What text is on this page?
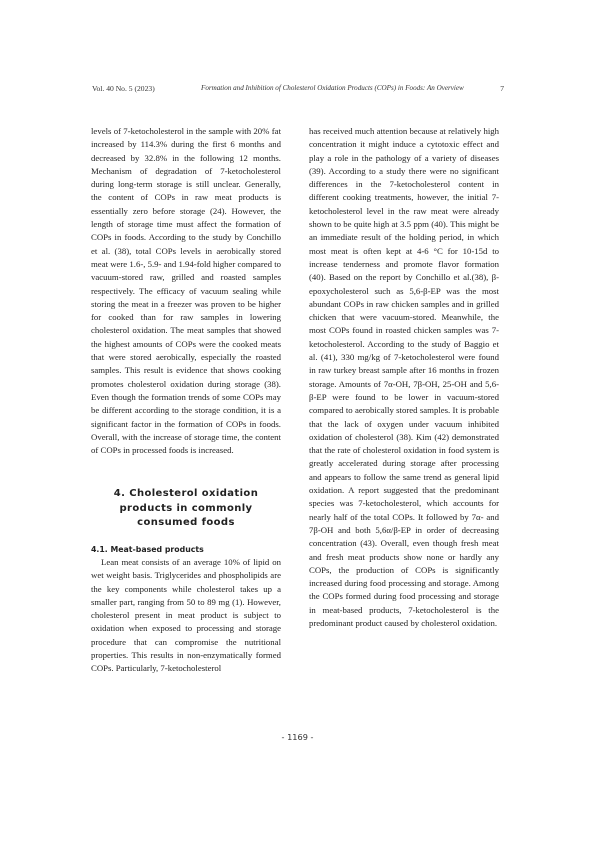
Vol. 40 No. 5 (2023)	Formation and Inhibition of Cholesterol Oxidation Products (COPs) in Foods: An Overview	7

levels of 7-ketocholesterol in the sample with 20% fat increased by 114.3% during the first 6 months and decreased by 32.8% in the following 12 months. Mechanism of degradation of 7-ketocholesterol during long-term storage is still unclear. Generally, the content of COPs in raw meat products is essentially zero before storage (24). However, the length of storage time must affect the formation of COPs in foods. According to the study by Conchillo et al. (38), total COPs levels in aerobically stored meat were 1.6-, 5.9- and 1.94-fold higher compared to vacuum-stored raw, grilled and roasted samples respectively. The efficacy of vacuum sealing while storing the meat in a freezer was proven to be higher for cooked than for raw samples in lowering cholesterol oxidation. The meat samples that showed the highest amounts of COPs were the cooked meats that were stored aerobically, especially the roasted samples. This result is evidence that shows cooking promotes cholesterol oxidation during storage (38). Even though the formation trends of some COPs may be different according to the storage condition, it is a significant factor in the formation of COPs in foods. Overall, with the increase of storage time, the content of COPs in processed foods is increased.

4. Cholesterol oxidation products in commonly consumed foods
4.1. Meat-based products

Lean meat consists of an average 10% of lipid on wet weight basis. Triglycerides and phospholipids are the key components while cholesterol takes up a smaller part, ranging from 50 to 89 mg (1). However, cholesterol present in meat product is subject to oxidation when exposed to processing and storage procedure that can compromise the nutritional properties. This results in non-enzymatically formed COPs. Particularly, 7-ketocholesterol

has received much attention because at relatively high concentration it might induce a cytotoxic effect and play a role in the pathology of a variety of diseases (39). According to a study there were no significant differences in the 7-ketocholesterol content in different cooking treatments, however, the initial 7-ketocholesterol level in the raw meat were already shown to be quite high at 3.5 ppm (40). This might be an immediate result of the holding period, in which most meat is often kept at 4-6 °C for 10-15d to increase tenderness and promote flavor formation (40). Based on the report by Conchillo et al.(38), β-epoxycholesterol such as 5,6-β-EP was the most abundant COPs in raw chicken samples and in grilled chicken that were vacuum-stored. Meanwhile, the most COPs found in roasted chicken samples was 7-ketocholesterol. According to the study of Baggio et al. (41), 330 mg/kg of 7-ketocholesterol were found in raw turkey breast sample after 16 months in frozen storage. Amounts of 7α-OH, 7β-OH, 25-OH and 5,6-β-EP were found to be lower in vacuum-stored compared to aerobically stored samples. It is probable that the lack of oxygen under vacuum inhibited oxidation of cholesterol (38). Kim (42) demonstrated that the rate of cholesterol oxidation in food system is greatly accelerated during storage after processing and appears to follow the same trend as general lipid oxidation. A report suggested that the predominant species was 7-ketocholesterol, which accounts for nearly half of the total COPs. It followed by 7α- and 7β-OH and both 5,6α/β-EP in order of decreasing concentration (43). Overall, even though fresh meat and fresh meat products show none or hardly any COPs, the production of COPs is significantly increased during food processing and storage. Among the COPs formed during food processing and storage in meat-based products, 7-ketocholesterol is the predominant product caused by cholesterol oxidation.

- 1169 -
